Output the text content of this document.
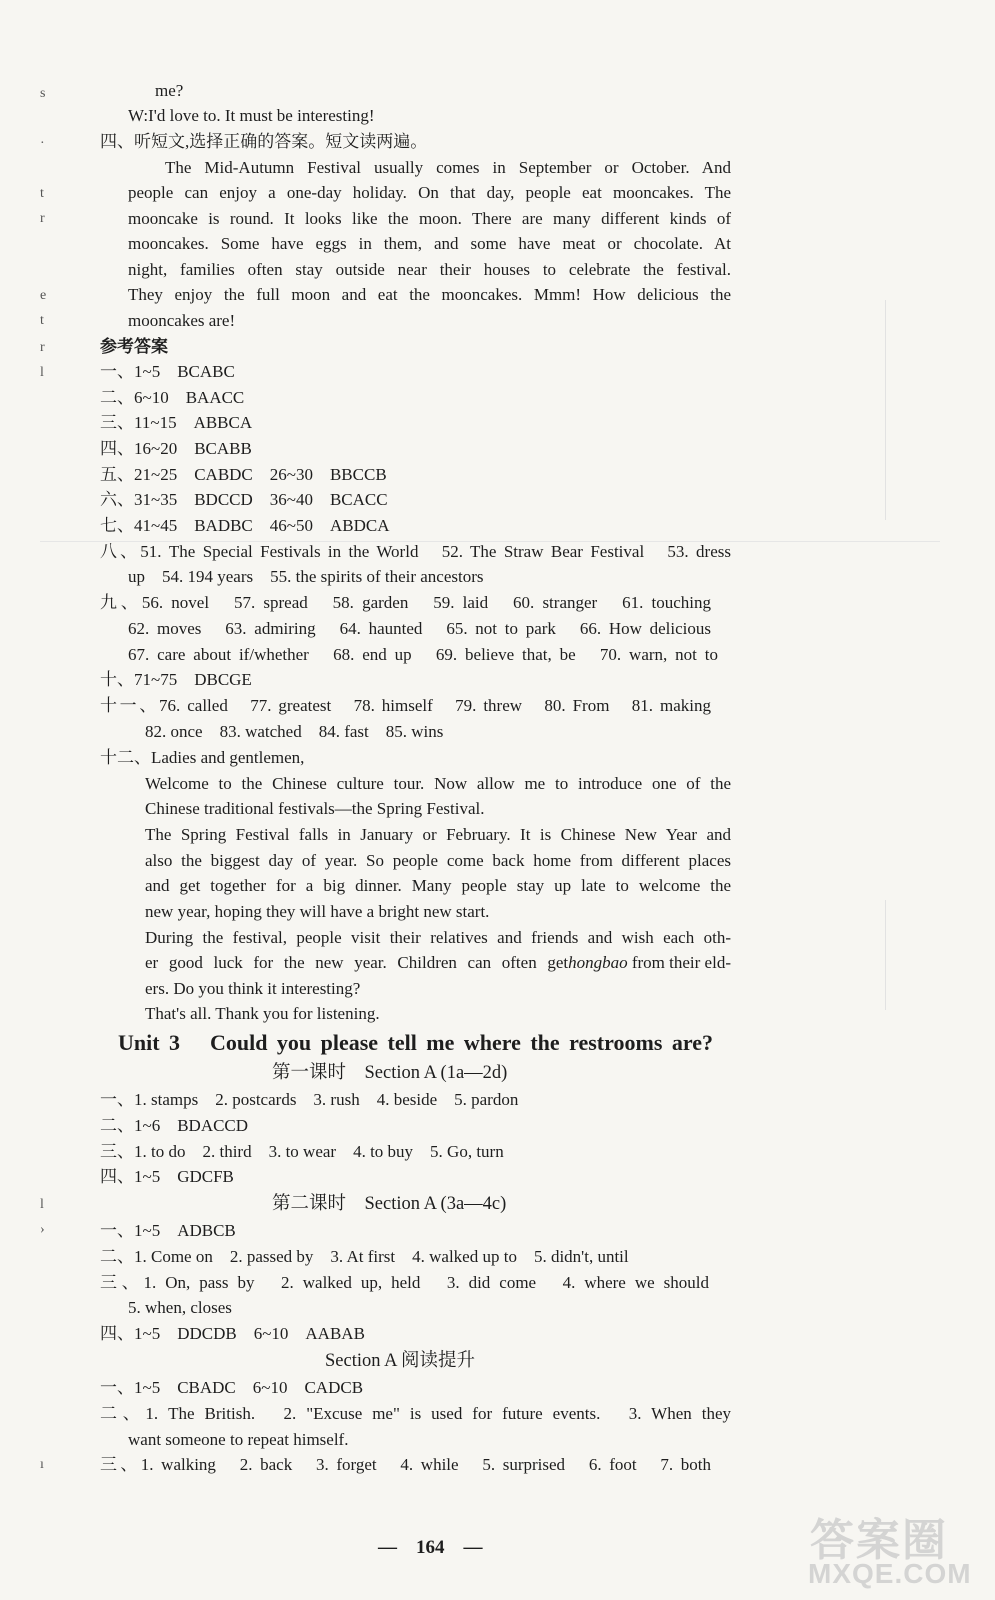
s
·
t
r
e
t
r
l
l
›
ı
me?
W:I'd love to. It must be interesting!
四、听短文,选择正确的答案。短文读两遍。
The Mid-Autumn Festival usually comes in September or October. And
people can enjoy a one-day holiday. On that day, people eat mooncakes. The
mooncake is round. It looks like the moon. There are many different kinds of
mooncakes. Some have eggs in them, and some have meat or chocolate. At
night, families often stay outside near their houses to celebrate the festival.
They enjoy the full moon and eat the mooncakes. Mmm! How delicious the
mooncakes are!
参考答案
一、1~5　BCABC
二、6~10　BAACC
三、11~15　ABBCA
四、16~20　BCABB
五、21~25　CABDC　26~30　BBCCB
六、31~35　BDCCD　36~40　BCACC
七、41~45　BADBC　46~50　ABDCA
八、51. The Special Festivals in the World　52. The Straw Bear Festival　53. dress
up　54. 194 years　55. the spirits of their ancestors
九、56. novel　57. spread　58. garden　59. laid　60. stranger　61. touching
62. moves　63. admiring　64. haunted　65. not to park　66. How delicious
67. care about if/whether　68. end up　69. believe that, be　70. warn, not to
十、71~75　DBCGE
十一、76. called　77. greatest　78. himself　79. threw　80. From　81. making
82. once　83. watched　84. fast　85. wins
十二、Ladies and gentlemen,
Welcome to the Chinese culture tour. Now allow me to introduce one of the
Chinese traditional festivals—the Spring Festival.
The Spring Festival falls in January or February. It is Chinese New Year and
also the biggest day of year. So people come back home from different places
and get together for a big dinner. Many people stay up late to welcome the
new year, hoping they will have a bright new start.
During the festival, people visit their relatives and friends and wish each oth-
er good luck for the new year. Children can often get hongbao from their eld-
ers. Do you think it interesting?
That's all. Thank you for listening.
Unit 3　Could you please tell me where the restrooms are?
第一课时　Section A (1a—2d)
一、1. stamps　2. postcards　3. rush　4. beside　5. pardon
二、1~6　BDACCD
三、1. to do　2. third　3. to wear　4. to buy　5. Go, turn
四、1~5　GDCFB
第二课时　Section A (3a—4c)
一、1~5　ADBCB
二、1. Come on　2. passed by　3. At first　4. walked up to　5. didn't, until
三、1. On, pass by　2. walked up, held　3. did come　4. where we should
5. when, closes
四、1~5　DDCDB　6~10　AABAB
Section A 阅读提升
一、1~5　CBADC　6~10　CADCB
二、1. The British.　2. "Excuse me" is used for future events.　3. When they
want someone to repeat himself.
三、1. walking　2. back　3. forget　4. while　5. surprised　6. foot　7. both
—　164　—	答案圈
MXQE.COM
